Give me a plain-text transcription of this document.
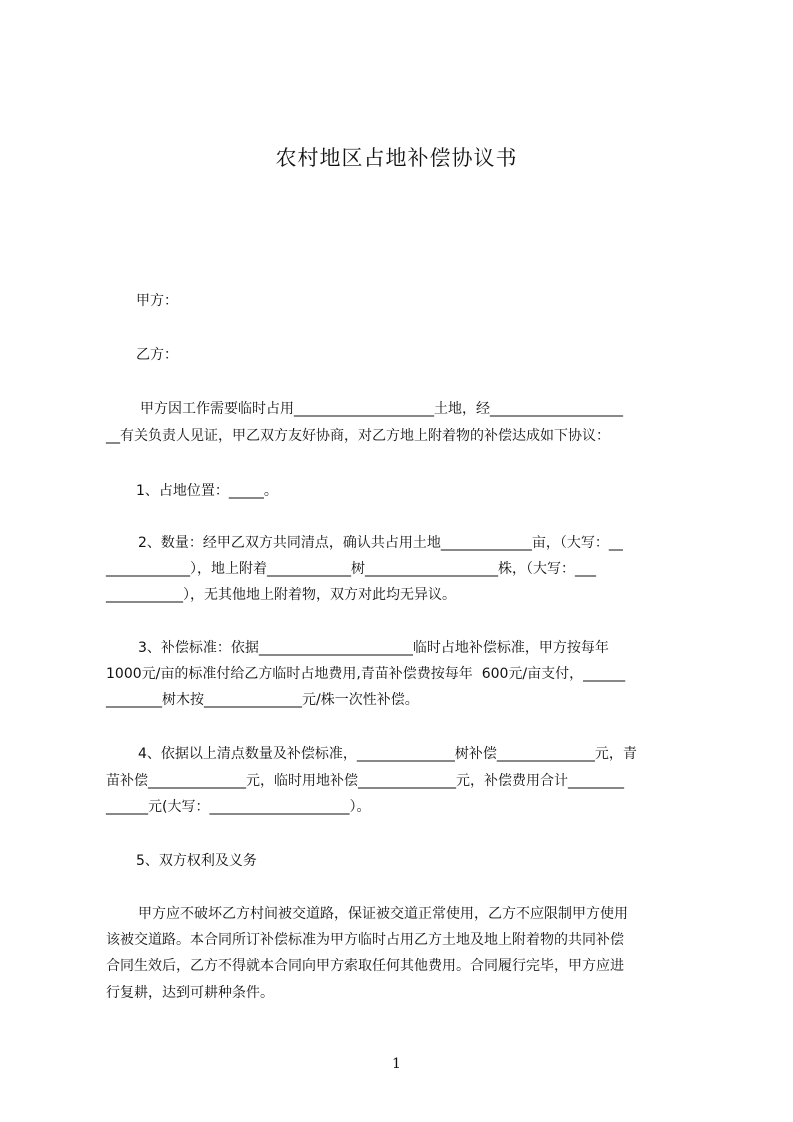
农村地区占地补偿协议书
甲方：
乙方：
甲方因工作需要临时占用____________________土地，经___________________
__有关负责人见证，甲乙双方友好协商，对乙方地上附着物的补偿达成如下协议：
1、占地位置：_____。
2、数量：经甲乙双方共同清点，确认共占用土地_____________亩，（大写：__
____________），地上附着____________树___________________株，（大写：___
___________），无其他地上附着物，双方对此均无异议。
3、补偿标准：依据______________________临时占地补偿标准，甲方按每年
1000元/亩的标准付给乙方临时占地费用,青苗补偿费按每年  600元/亩支付，______
________树木按______________元/株一次性补偿。
4、依据以上清点数量及补偿标准，______________树补偿______________元，青
苗补偿______________元，临时用地补偿______________元，补偿费用合计________
______元(大写：____________________）。
5、双方权利及义务
甲方应不破坏乙方村间被交道路，保证被交道正常使用，乙方不应限制甲方使用
该被交道路。本合同所订补偿标准为甲方临时占用乙方土地及地上附着物的共同补偿
合同生效后，乙方不得就本合同向甲方索取任何其他费用。合同履行完毕，甲方应进
行复耕，达到可耕种条件。
1
